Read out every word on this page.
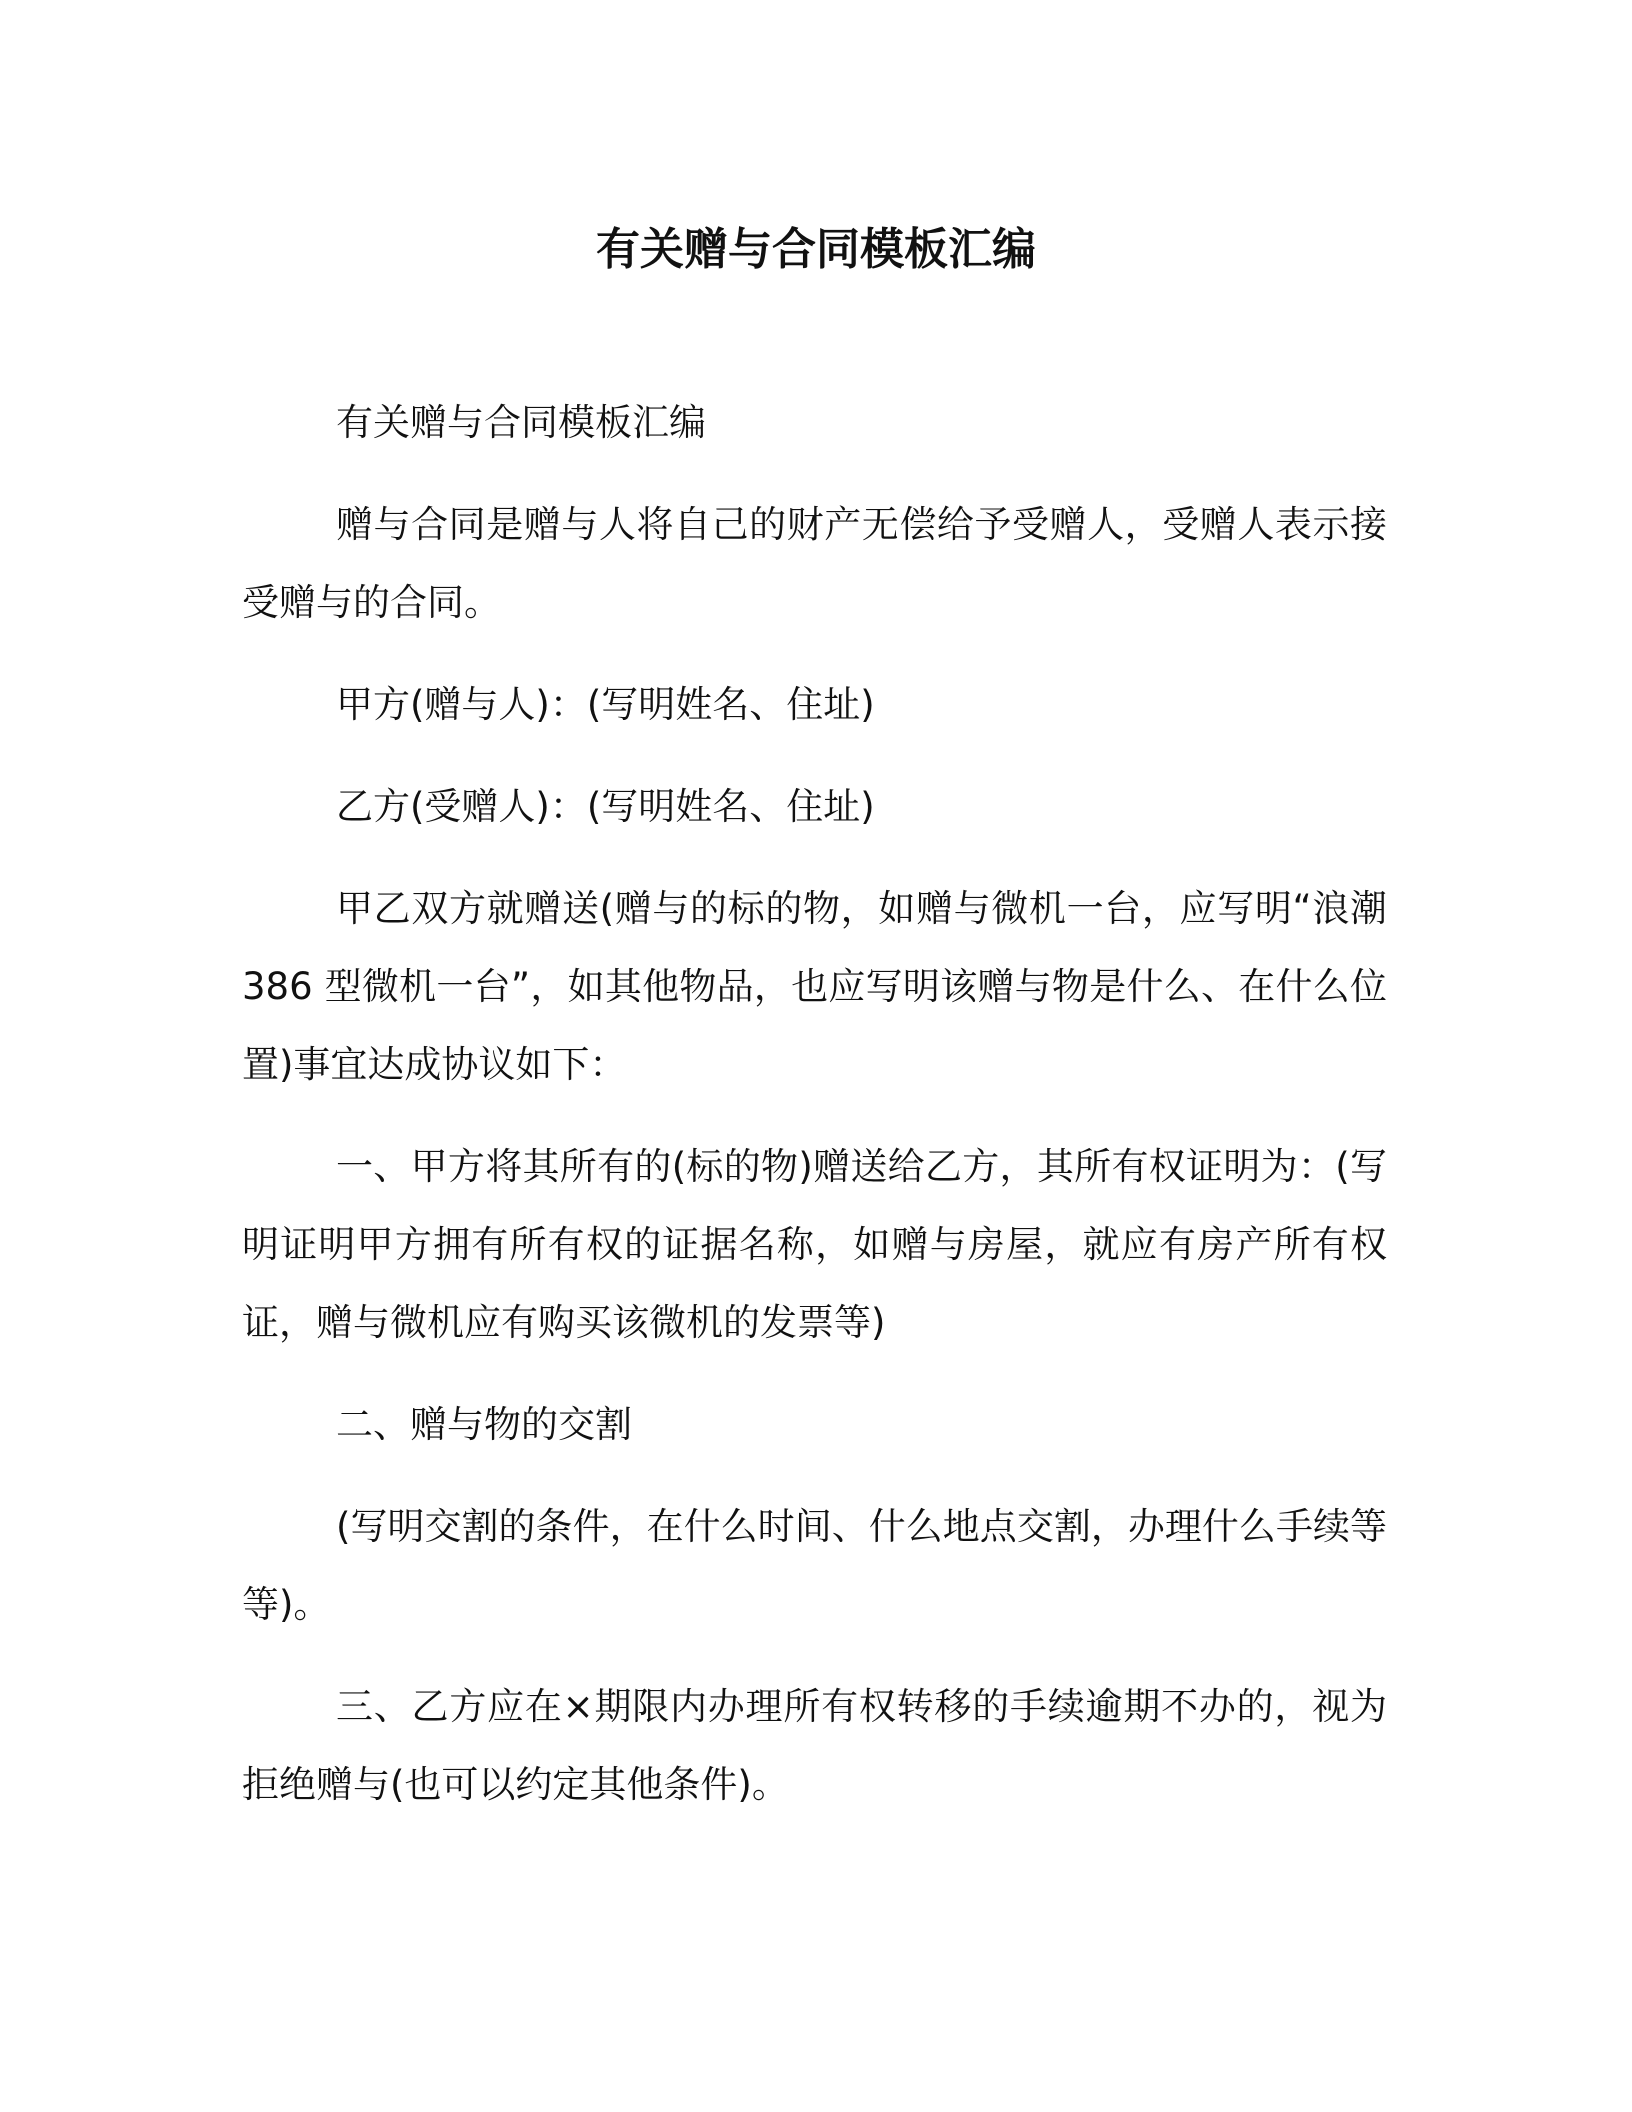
有关赠与合同模板汇编

有关赠与合同模板汇编

赠与合同是赠与人将自己的财产无偿给予受赠人，受赠人表示接受赠与的合同。

甲方(赠与人)：(写明姓名、住址)

乙方(受赠人)：(写明姓名、住址)

甲乙双方就赠送(赠与的标的物，如赠与微机一台，应写明“浪潮 386 型微机一台”，如其他物品，也应写明该赠与物是什么、在什么位置)事宜达成协议如下：

一、甲方将其所有的(标的物)赠送给乙方，其所有权证明为：(写明证明甲方拥有所有权的证据名称，如赠与房屋，就应有房产所有权证，赠与微机应有购买该微机的发票等)

二、赠与物的交割

(写明交割的条件，在什么时间、什么地点交割，办理什么手续等等)。

三、乙方应在×期限内办理所有权转移的手续逾期不办的，视为拒绝赠与(也可以约定其他条件)。
